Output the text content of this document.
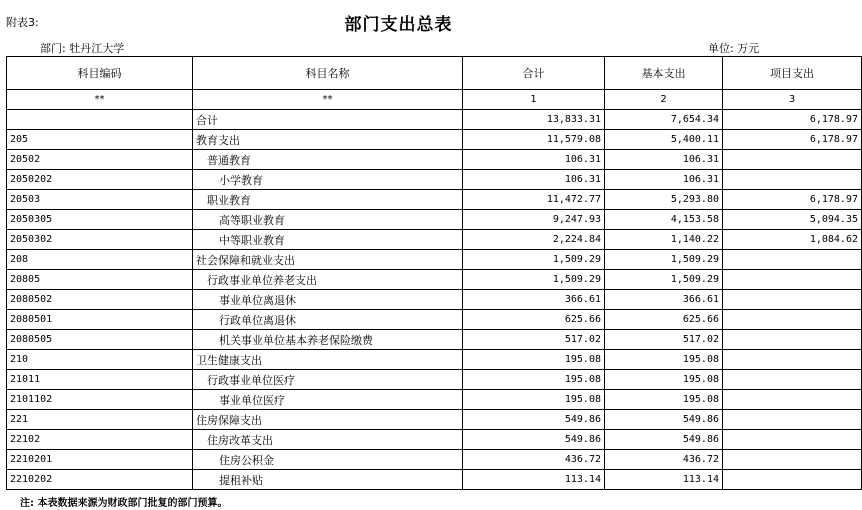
附表3:	部门支出总表
部门: 牡丹江大学	单位: 万元
科目编码	科目名称	合计	基本支出	项目支出
**	**	1	2	3
	合计	13,833.31	7,654.34	6,178.97
205	教育支出	11,579.08	5,400.11	6,178.97
20502	普通教育	106.31	106.31	
2050202	小学教育	106.31	106.31	
20503	职业教育	11,472.77	5,293.80	6,178.97
2050305	高等职业教育	9,247.93	4,153.58	5,094.35
2050302	中等职业教育	2,224.84	1,140.22	1,084.62
208	社会保障和就业支出	1,509.29	1,509.29	
20805	行政事业单位养老支出	1,509.29	1,509.29	
2080502	事业单位离退休	366.61	366.61	
2080501	行政单位离退休	625.66	625.66	
2080505	机关事业单位基本养老保险缴费	517.02	517.02	
210	卫生健康支出	195.08	195.08	
21011	行政事业单位医疗	195.08	195.08	
2101102	事业单位医疗	195.08	195.08	
221	住房保障支出	549.86	549.86	
22102	住房改革支出	549.86	549.86	
2210201	住房公积金	436.72	436.72	
2210202	提租补贴	113.14	113.14	
注: 本表数据来源为财政部门批复的部门预算。
